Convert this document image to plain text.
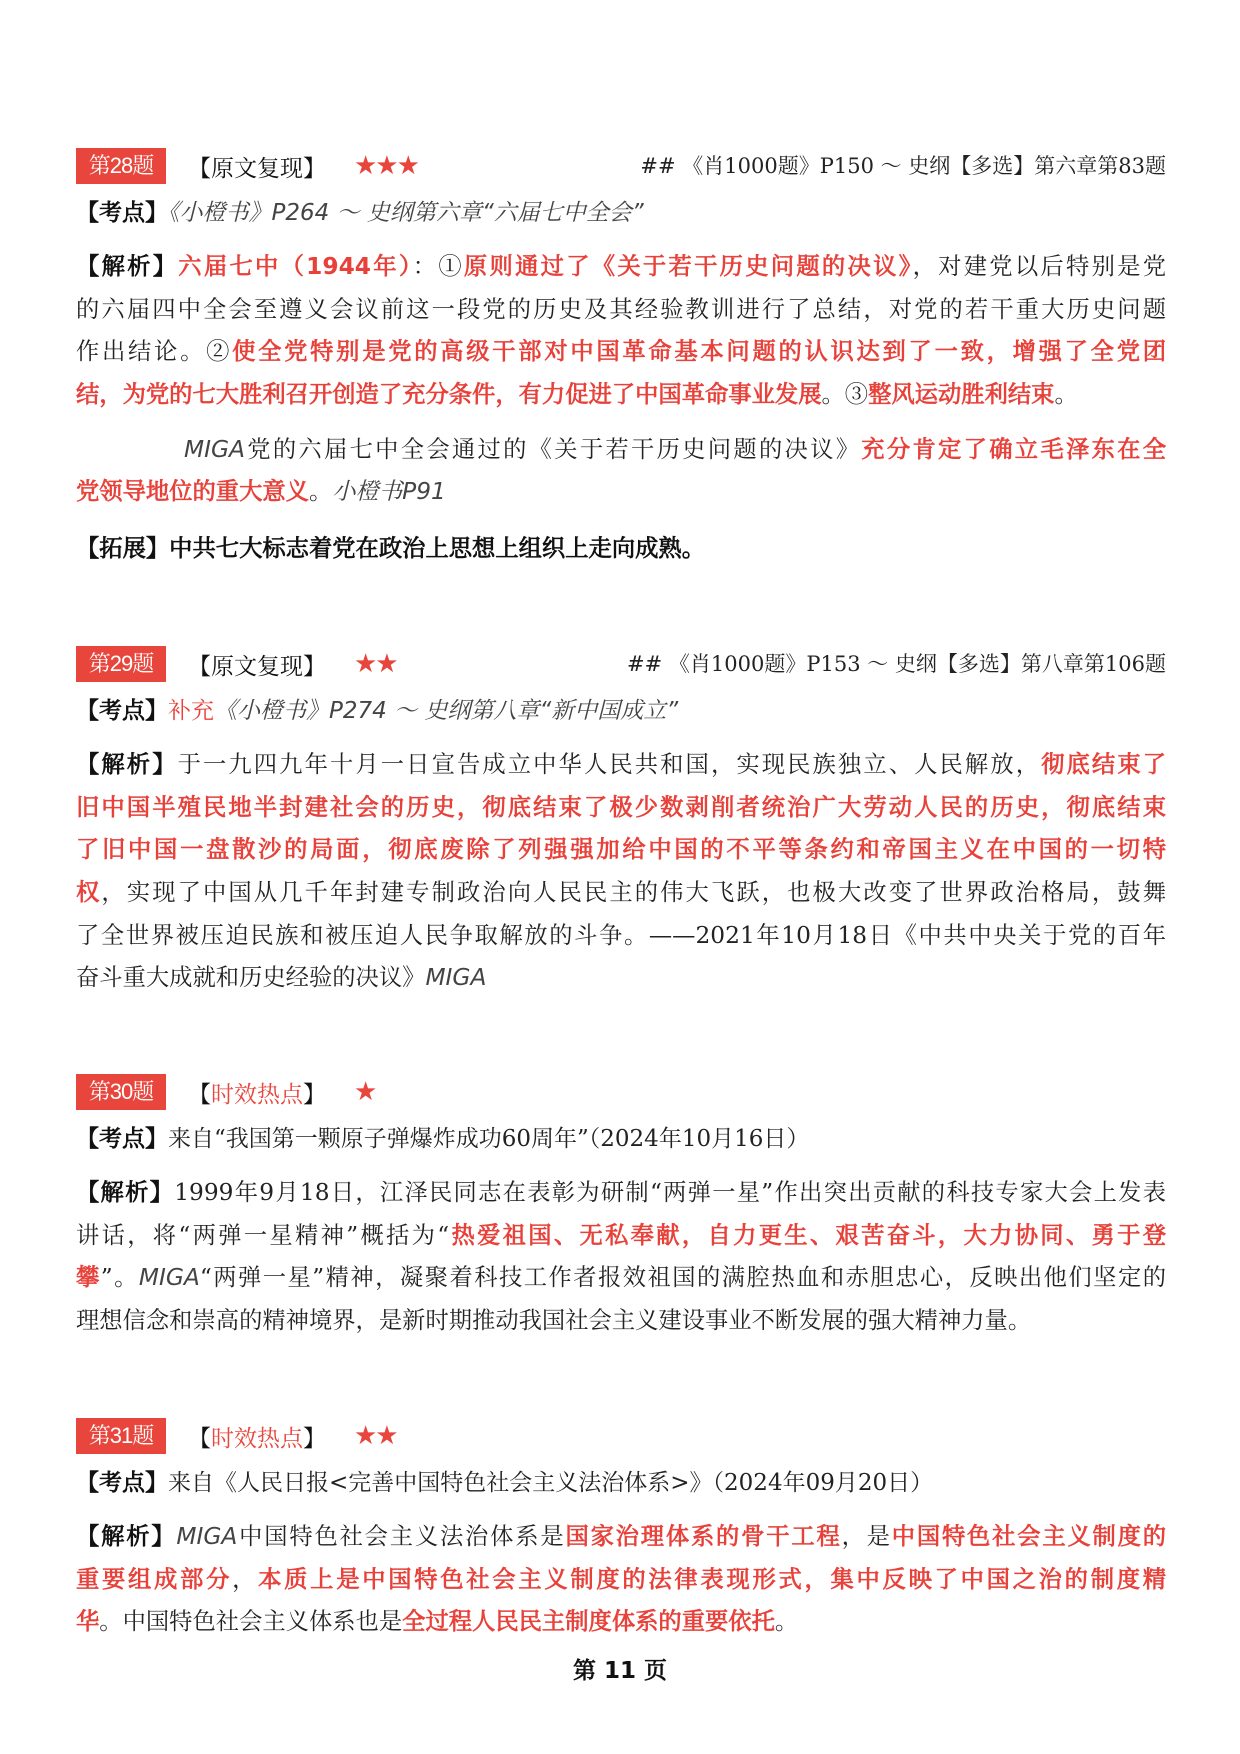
第28题	【原文复现】 ★★★	## 《肖1000题》P150 ～ 史纲【多选】第六章第83题
【考点】《小橙书》P264 ～ 史纲第六章“六届七中全会”
【解析】六届七中（1944年）：①原则通过了《关于若干历史问题的决议》，对建党以后特别是党
的六届四中全会至遵义会议前这一段党的历史及其经验教训进行了总结，对党的若干重大历史问题
作出结论。②使全党特别是党的高级干部对中国革命基本问题的认识达到了一致，增强了全党团
结，为党的七大胜利召开创造了充分条件，有力促进了中国革命事业发展。③整风运动胜利结束。
MIGA党的六届七中全会通过的《关于若干历史问题的决议》充分肯定了确立毛泽东在全
党领导地位的重大意义。小橙书P91
【拓展】中共七大标志着党在政治上思想上组织上走向成熟。
第29题	【原文复现】 ★★	## 《肖1000题》P153 ～ 史纲【多选】第八章第106题
【考点】补充《小橙书》P274 ～ 史纲第八章“新中国成立”
【解析】于一九四九年十月一日宣告成立中华人民共和国，实现民族独立、人民解放，彻底结束了
旧中国半殖民地半封建社会的历史，彻底结束了极少数剥削者统治广大劳动人民的历史，彻底结束
了旧中国一盘散沙的局面，彻底废除了列强强加给中国的不平等条约和帝国主义在中国的一切特
权，实现了中国从几千年封建专制政治向人民民主的伟大飞跃，也极大改变了世界政治格局，鼓舞
了全世界被压迫民族和被压迫人民争取解放的斗争。——2021年10月18日《中共中央关于党的百年
奋斗重大成就和历史经验的决议》MIGA
第30题	【时效热点】 ★
【考点】来自“我国第一颗原子弹爆炸成功60周年”（2024年10月16日）
【解析】1999年9月18日，江泽民同志在表彰为研制“两弹一星”作出突出贡献的科技专家大会上发表
讲话，将“两弹一星精神”概括为“热爱祖国、无私奉献，自力更生、艰苦奋斗，大力协同、勇于登
攀”。MIGA“两弹一星”精神，凝聚着科技工作者报效祖国的满腔热血和赤胆忠心，反映出他们坚定的
理想信念和崇高的精神境界，是新时期推动我国社会主义建设事业不断发展的强大精神力量。
第31题	【时效热点】 ★★
【考点】来自《人民日报<完善中国特色社会主义法治体系>》（2024年09月20日）
【解析】MIGA中国特色社会主义法治体系是国家治理体系的骨干工程，是中国特色社会主义制度的
重要组成部分，本质上是中国特色社会主义制度的法律表现形式，集中反映了中国之治的制度精
华。中国特色社会主义体系也是全过程人民民主制度体系的重要依托。
第 11 页
